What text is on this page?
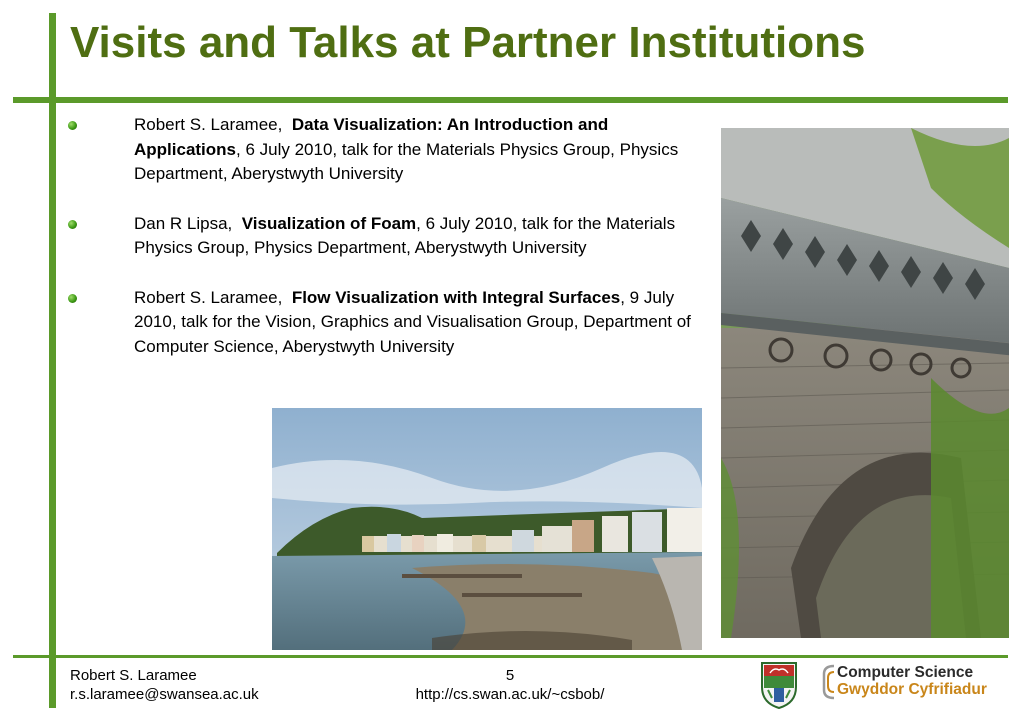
Visits and Talks at Partner Institutions
Robert S. Laramee, Data Visualization: An Introduction and Applications, 6 July 2010, talk for the Materials Physics Group, Physics Department, Aberystwyth University
Dan R Lipsa, Visualization of Foam, 6 July 2010, talk for the Materials Physics Group, Physics Department, Aberystwyth University
Robert S. Laramee, Flow Visualization with Integral Surfaces, 9 July 2010, talk for the Vision, Graphics and Visualisation Group, Department of Computer Science, Aberystwyth University
Robert S. Laramee
r.s.laramee@swansea.ac.uk
5
http://cs.swan.ac.uk/~csbob/
Computer Science
Gwyddor Cyfrifiadur
